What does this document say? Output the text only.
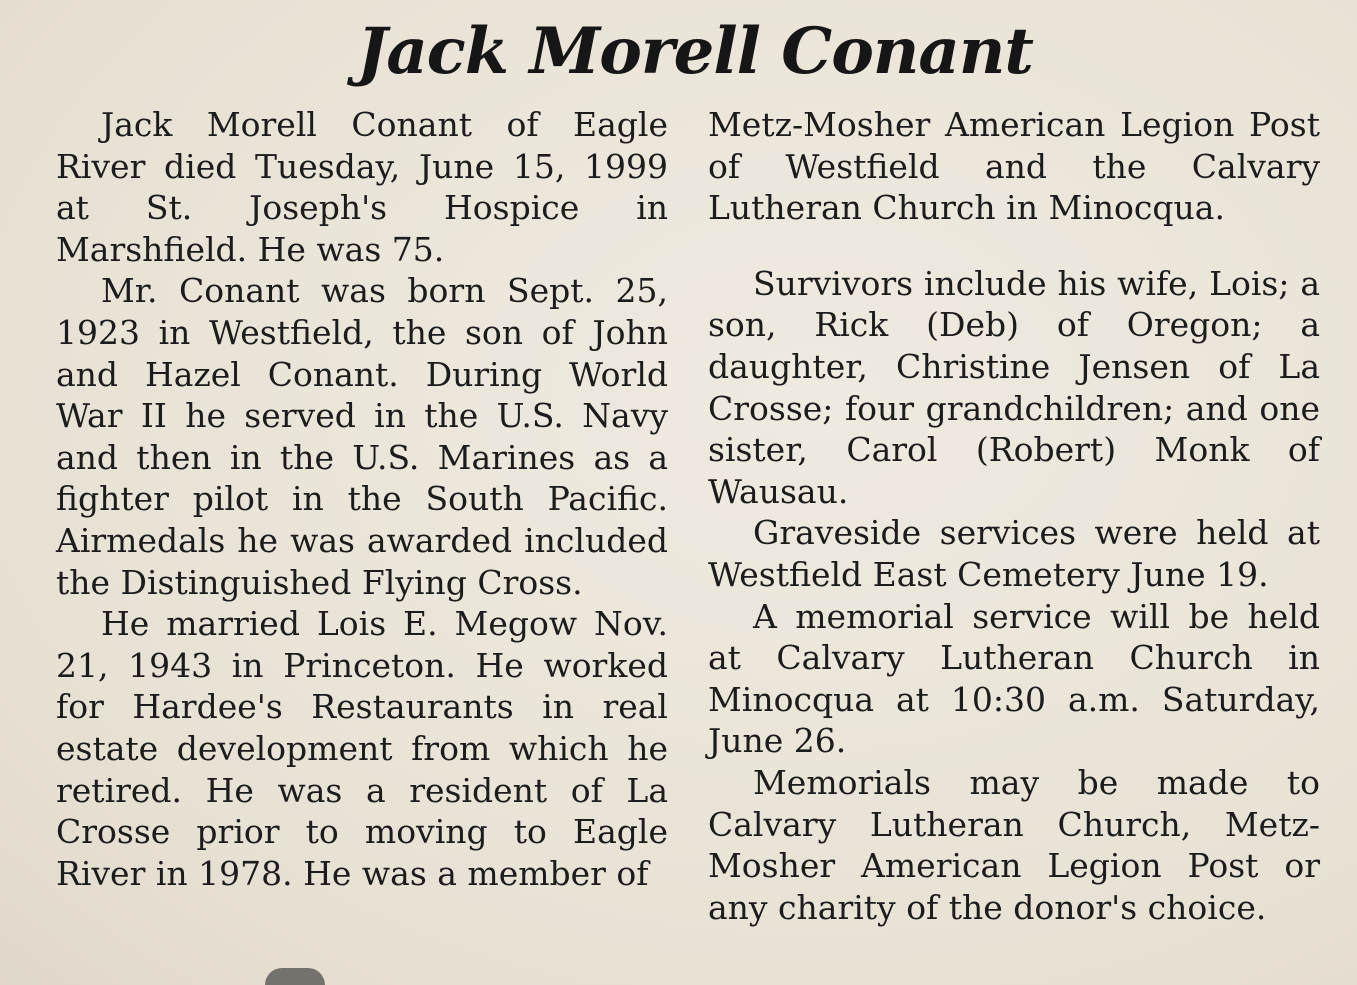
Jack Morell Conant

Jack Morell Conant of Eagle River died Tuesday, June 15, 1999 at St. Joseph's Hospice in Marshfield. He was 75.

Mr. Conant was born Sept. 25, 1923 in Westfield, the son of John and Hazel Conant. During World War II he served in the U.S. Navy and then in the U.S. Marines as a fighter pilot in the South Pacific. Airmedals he was awarded included the Distinguished Flying Cross.

He married Lois E. Megow Nov. 21, 1943 in Princeton. He worked for Hardee's Restaurants in real estate development from which he retired. He was a resident of La Crosse prior to moving to Eagle River in 1978. He was a member of

Metz-Mosher American Legion Post of Westfield and the Calvary Lutheran Church in Minocqua.

Survivors include his wife, Lois; a son, Rick (Deb) of Oregon; a daughter, Christine Jensen of La Crosse; four grandchildren; and one sister, Carol (Robert) Monk of Wausau.

Graveside services were held at Westfield East Cemetery June 19.

A memorial service will be held at Calvary Lutheran Church in Minocqua at 10:30 a.m. Saturday, June 26.

Memorials may be made to Calvary Lutheran Church, Metz-Mosher American Legion Post or any charity of the donor's choice.
